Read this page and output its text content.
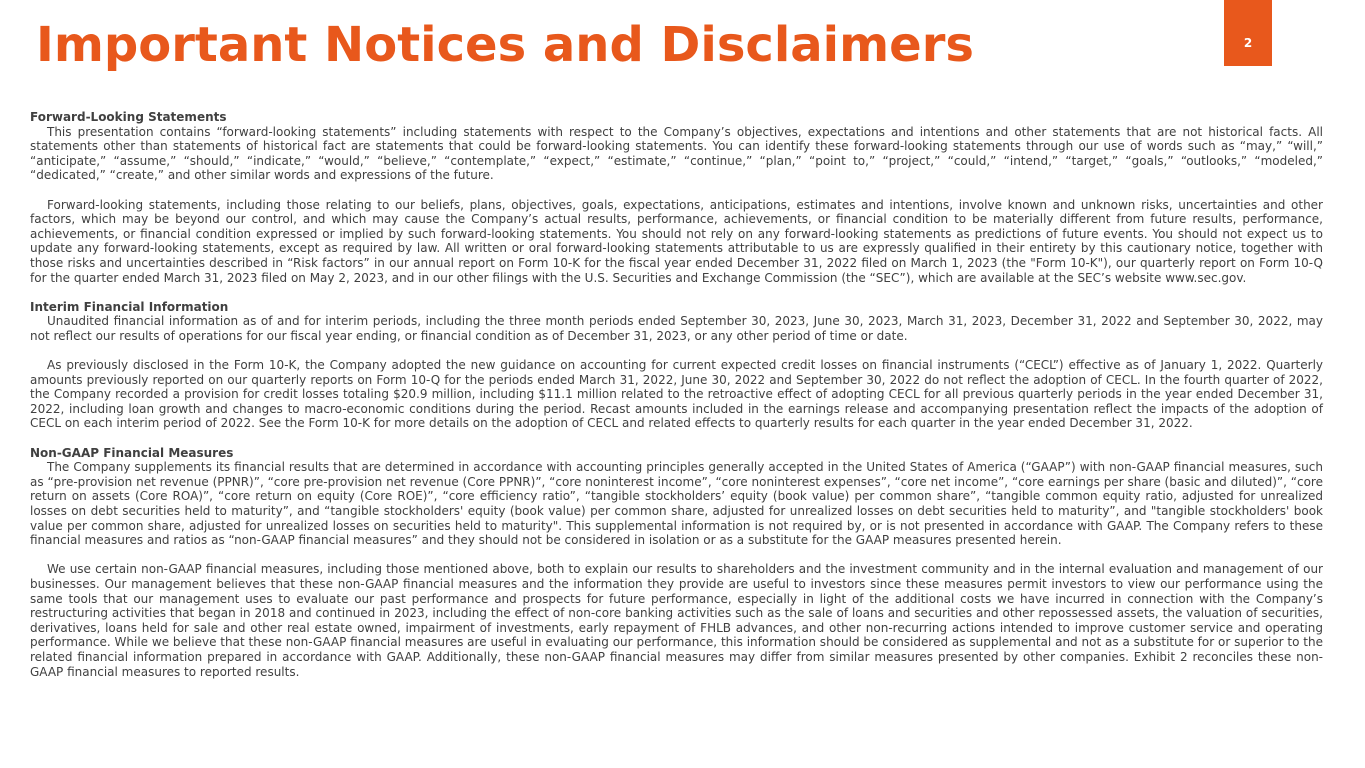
Important Notices and Disclaimers	2
Forward-Looking Statements

This presentation contains “forward-looking statements” including statements with respect to the Company’s objectives, expectations and intentions and other statements that are not historical facts. All statements other than statements of historical fact are statements that could be forward-looking statements. You can identify these forward-looking statements through our use of words such as “may,” “will,” “anticipate,” “assume,” “should,” “indicate,” “would,” “believe,” “contemplate,” “expect,” “estimate,” “continue,” “plan,” “point to,” “project,” “could,” “intend,” “target,” “goals,” “outlooks,” “modeled,” “dedicated,” “create,” and other similar words and expressions of the future.

Forward-looking statements, including those relating to our beliefs, plans, objectives, goals, expectations, anticipations, estimates and intentions, involve known and unknown risks, uncertainties and other factors, which may be beyond our control, and which may cause the Company’s actual results, performance, achievements, or financial condition to be materially different from future results, performance, achievements, or financial condition expressed or implied by such forward-looking statements. You should not rely on any forward-looking statements as predictions of future events. You should not expect us to update any forward-looking statements, except as required by law. All written or oral forward-looking statements attributable to us are expressly qualified in their entirety by this cautionary notice, together with those risks and uncertainties described in “Risk factors” in our annual report on Form 10-K for the fiscal year ended December 31, 2022 filed on March 1, 2023 (the "Form 10-K"), our quarterly report on Form 10-Q for the quarter ended March 31, 2023 filed on May 2, 2023, and in our other filings with the U.S. Securities and Exchange Commission (the “SEC”), which are available at the SEC’s website www.sec.gov.

Interim Financial Information

Unaudited financial information as of and for interim periods, including the three month periods ended September 30, 2023, June 30, 2023, March 31, 2023, December 31, 2022 and September 30, 2022, may not reflect our results of operations for our fiscal year ending, or financial condition as of December 31, 2023, or any other period of time or date.

As previously disclosed in the Form 10-K, the Company adopted the new guidance on accounting for current expected credit losses on financial instruments (“CECL”) effective as of January 1, 2022. Quarterly amounts previously reported on our quarterly reports on Form 10-Q for the periods ended March 31, 2022, June 30, 2022 and September 30, 2022 do not reflect the adoption of CECL. In the fourth quarter of 2022, the Company recorded a provision for credit losses totaling $20.9 million, including $11.1 million related to the retroactive effect of adopting CECL for all previous quarterly periods in the year ended December 31, 2022, including loan growth and changes to macro-economic conditions during the period. Recast amounts included in the earnings release and accompanying presentation reflect the impacts of the adoption of CECL on each interim period of 2022. See the Form 10-K for more details on the adoption of CECL and related effects to quarterly results for each quarter in the year ended December 31, 2022.

Non-GAAP Financial Measures

The Company supplements its financial results that are determined in accordance with accounting principles generally accepted in the United States of America (“GAAP”) with non-GAAP financial measures, such as “pre-provision net revenue (PPNR)”, “core pre-provision net revenue (Core PPNR)”, “core noninterest income”, “core noninterest expenses”, “core net income”, “core earnings per share (basic and diluted)”, “core return on assets (Core ROA)”, “core return on equity (Core ROE)”, “core efficiency ratio”, “tangible stockholders’ equity (book value) per common share”, “tangible common equity ratio, adjusted for unrealized losses on debt securities held to maturity”, and “tangible stockholders' equity (book value) per common share, adjusted for unrealized losses on debt securities held to maturity”, and "tangible stockholders' book value per common share, adjusted for unrealized losses on securities held to maturity". This supplemental information is not required by, or is not presented in accordance with GAAP. The Company refers to these financial measures and ratios as “non-GAAP financial measures” and they should not be considered in isolation or as a substitute for the GAAP measures presented herein.

We use certain non-GAAP financial measures, including those mentioned above, both to explain our results to shareholders and the investment community and in the internal evaluation and management of our businesses. Our management believes that these non-GAAP financial measures and the information they provide are useful to investors since these measures permit investors to view our performance using the same tools that our management uses to evaluate our past performance and prospects for future performance, especially in light of the additional costs we have incurred in connection with the Company’s restructuring activities that began in 2018 and continued in 2023, including the effect of non-core banking activities such as the sale of loans and securities and other repossessed assets, the valuation of securities, derivatives, loans held for sale and other real estate owned, impairment of investments, early repayment of FHLB advances, and other non-recurring actions intended to improve customer service and operating performance. While we believe that these non-GAAP financial measures are useful in evaluating our performance, this information should be considered as supplemental and not as a substitute for or superior to the related financial information prepared in accordance with GAAP. Additionally, these non-GAAP financial measures may differ from similar measures presented by other companies. Exhibit 2 reconciles these non-GAAP financial measures to reported results.
